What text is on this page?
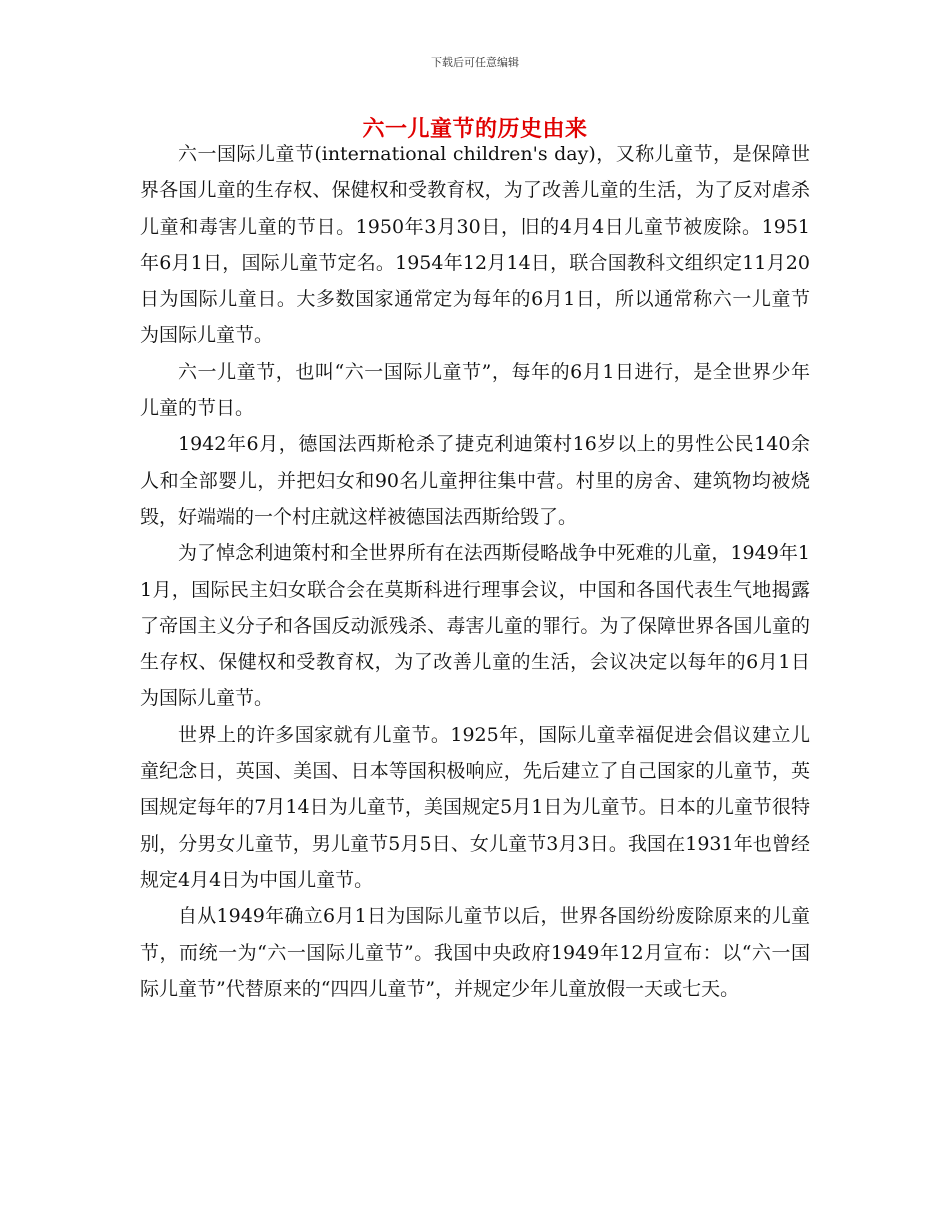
下载后可任意编辑
六一儿童节的历史由来

六一国际儿童节(international children's day)，又称儿童节，是保障世界各国儿童的生存权、保健权和受教育权，为了改善儿童的生活，为了反对虐杀儿童和毒害儿童的节日。1950年3月30日，旧的4月4日儿童节被废除。1951年6月1日，国际儿童节定名。1954年12月14日，联合国教科文组织定11月20日为国际儿童日。大多数国家通常定为每年的6月1日，所以通常称六一儿童节为国际儿童节。

六一儿童节，也叫“六一国际儿童节”，每年的6月1日进行，是全世界少年儿童的节日。

1942年6月，德国法西斯枪杀了捷克利迪策村16岁以上的男性公民140余人和全部婴儿，并把妇女和90名儿童押往集中营。村里的房舍、建筑物均被烧毁，好端端的一个村庄就这样被德国法西斯给毁了。

为了悼念利迪策村和全世界所有在法西斯侵略战争中死难的儿童，1949年11月，国际民主妇女联合会在莫斯科进行理事会议，中国和各国代表生气地揭露了帝国主义分子和各国反动派残杀、毒害儿童的罪行。为了保障世界各国儿童的生存权、保健权和受教育权，为了改善儿童的生活，会议决定以每年的6月1日为国际儿童节。

世界上的许多国家就有儿童节。1925年，国际儿童幸福促进会倡议建立儿童纪念日，英国、美国、日本等国积极响应，先后建立了自己国家的儿童节，英国规定每年的7月14日为儿童节，美国规定5月1日为儿童节。日本的儿童节很特别，分男女儿童节，男儿童节5月5日、女儿童节3月3日。我国在1931年也曾经规定4月4日为中国儿童节。

自从1949年确立6月1日为国际儿童节以后，世界各国纷纷废除原来的儿童节，而统一为“六一国际儿童节”。我国中央政府1949年12月宣布：以“六一国际儿童节”代替原来的“四四儿童节”，并规定少年儿童放假一天或七天。
